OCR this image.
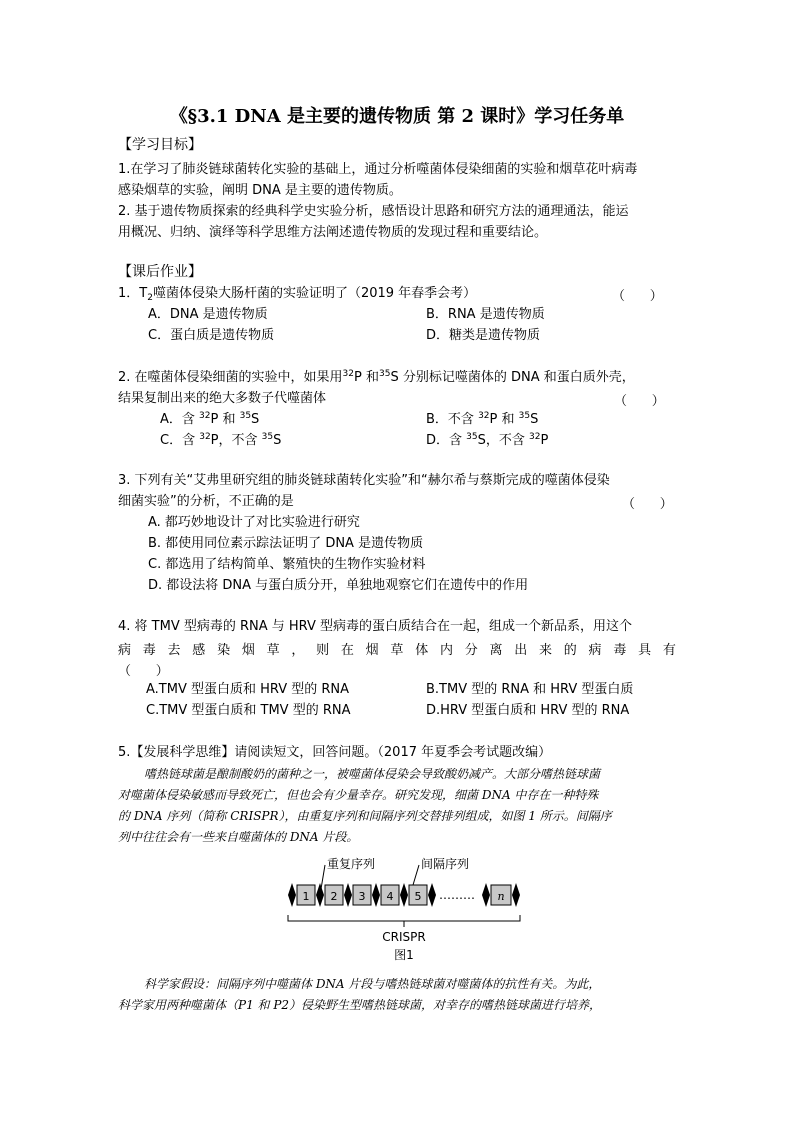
《§3.1 DNA 是主要的遗传物质 第 2 课时》学习任务单
【学习目标】
1.在学习了肺炎链球菌转化实验的基础上，通过分析噬菌体侵染细菌的实验和烟草花叶病毒
感染烟草的实验，阐明 DNA 是主要的遗传物质。
2. 基于遗传物质探索的经典科学史实验分析，感悟设计思路和研究方法的通理通法，能运
用概况、归纳、演绎等科学思维方法阐述遗传物质的发现过程和重要结论。
【课后作业】
1．$T_2$噬菌体侵染大肠杆菌的实验证明了（2019 年春季会考）	（      ）
A．DNA 是遗传物质	B．RNA 是遗传物质
C．蛋白质是遗传物质	D．糖类是遗传物质
2. 在噬菌体侵染细菌的实验中，如果用$^{32}$P 和$^{35}$S 分别标记噬菌体的 DNA 和蛋白质外壳，
结果复制出来的绝大多数子代噬菌体	（      ）
A．含 $^{32}$P 和 $^{35}$S	B．不含 $^{32}$P 和 $^{35}$S
C．含 $^{32}$P，不含 $^{35}$S	D．含 $^{35}$S，不含 $^{32}$P
3. 下列有关“艾弗里研究组的肺炎链球菌转化实验”和“赫尔希与蔡斯完成的噬菌体侵染
细菌实验”的分析，不正确的是	（      ）
A. 都巧妙地设计了对比实验进行研究
B. 都使用同位素示踪法证明了 DNA 是遗传物质
C. 都选用了结构简单、繁殖快的生物作实验材料
D. 都设法将 DNA 与蛋白质分开，单独地观察它们在遗传中的作用
4. 将 TMV 型病毒的 RNA 与 HRV 型病毒的蛋白质结合在一起，组成一个新品系，用这个
病 毒 去 感 染 烟 草 ， 则 在 烟 草 体 内 分 离 出 来 的 病 毒 具 有
（      ）
A.TMV 型蛋白质和 HRV 型的 RNA	B.TMV 型的 RNA 和 HRV 型蛋白质
C.TMV 型蛋白质和 TMV 型的 RNA	D.HRV 型蛋白质和 HRV 型的 RNA
5.【发展科学思维】请阅读短文，回答问题。（2017 年夏季会考试题改编）
嗜热链球菌是酿制酸奶的菌种之一，被噬菌体侵染会导致酸奶减产。大部分嗜热链球菌
对噬菌体侵染敏感而导致死亡，但也会有少量幸存。研究发现，细菌 DNA 中存在一种特殊
的 DNA 序列（简称 CRISPR），由重复序列和间隔序列交替排列组成，如图 1 所示。间隔序
列中往往会有一些来自噬菌体的 DNA 片段。
重复序列	间隔序列
1 2 3 4 5	n
………
CRISPR
图1
科学家假设：间隔序列中噬菌体 DNA 片段与嗜热链球菌对噬菌体的抗性有关。为此，
科学家用两种噬菌体（P1 和 P2）侵染野生型嗜热链球菌，对幸存的嗜热链球菌进行培养，
